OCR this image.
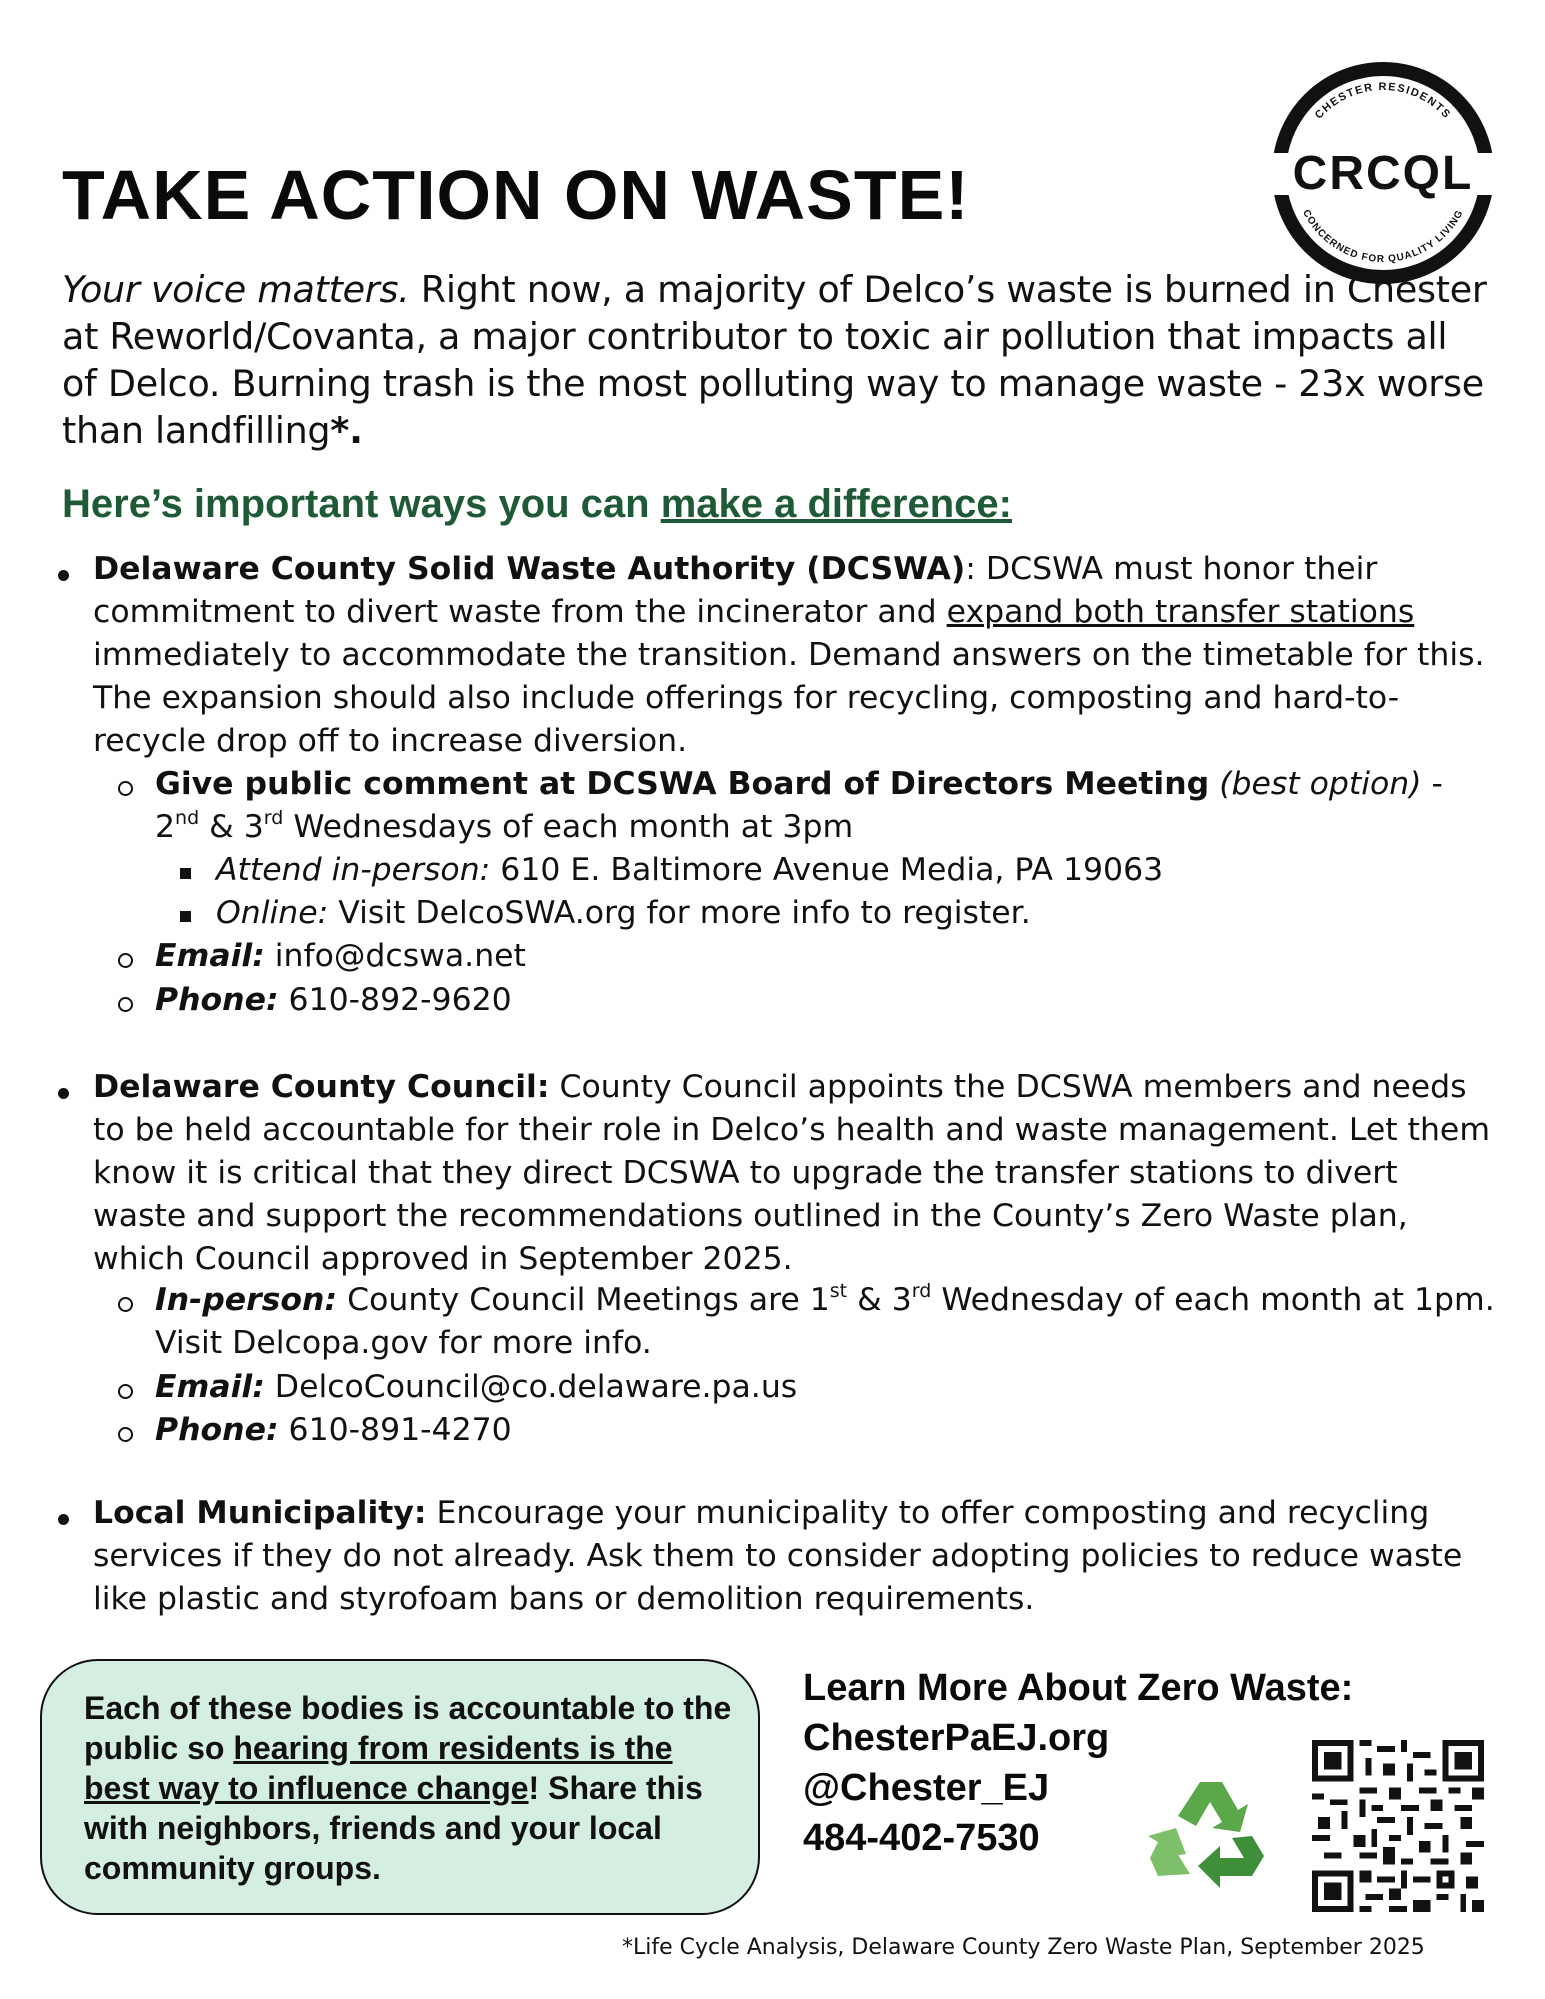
TAKE ACTION ON WASTE!
CHESTER RESIDENTS
CONCERNED FOR QUALITY LIVING
CRCQL

Your voice matters. Right now, a majority of Delco’s waste is burned in Chester at Reworld/Covanta, a major contributor to toxic air pollution that impacts all of Delco. Burning trash is the most polluting way to manage waste - 23x worse than landfilling*.

Here’s important ways you can make a difference:
Delaware County Solid Waste Authority (DCSWA): DCSWA must honor their commitment to divert waste from the incinerator and expand both transfer stations immediately to accommodate the transition. Demand answers on the timetable for this. The expansion should also include offerings for recycling, composting and hard-to-recycle drop off to increase diversion.
Give public comment at DCSWA Board of Directors Meeting (best option) -
2nd & 3rd Wednesdays of each month at 3pm
Attend in-person: 610 E. Baltimore Avenue Media, PA 19063
Online: Visit DelcoSWA.org for more info to register.
Email: info@dcswa.net
Phone: 610-892-9620
Delaware County Council: County Council appoints the DCSWA members and needs to be held accountable for their role in Delco’s health and waste management. Let them know it is critical that they direct DCSWA to upgrade the transfer stations to divert waste and support the recommendations outlined in the County’s Zero Waste plan, which Council approved in September 2025.
In-person: County Council Meetings are 1st & 3rd Wednesday of each month at 1pm. Visit Delcopa.gov for more info.
Email: DelcoCouncil@co.delaware.pa.us
Phone: 610-891-4270
Local Municipality: Encourage your municipality to offer composting and recycling services if they do not already. Ask them to consider adopting policies to reduce waste like plastic and styrofoam bans or demolition requirements.
Each of these bodies is accountable to the public so hearing from residents is the best way to influence change! Share this with neighbors, friends and your local community groups.
Learn More About Zero Waste:
ChesterPaEJ.org
@Chester_EJ
484-402-7530
*Life Cycle Analysis, Delaware County Zero Waste Plan, September 2025
